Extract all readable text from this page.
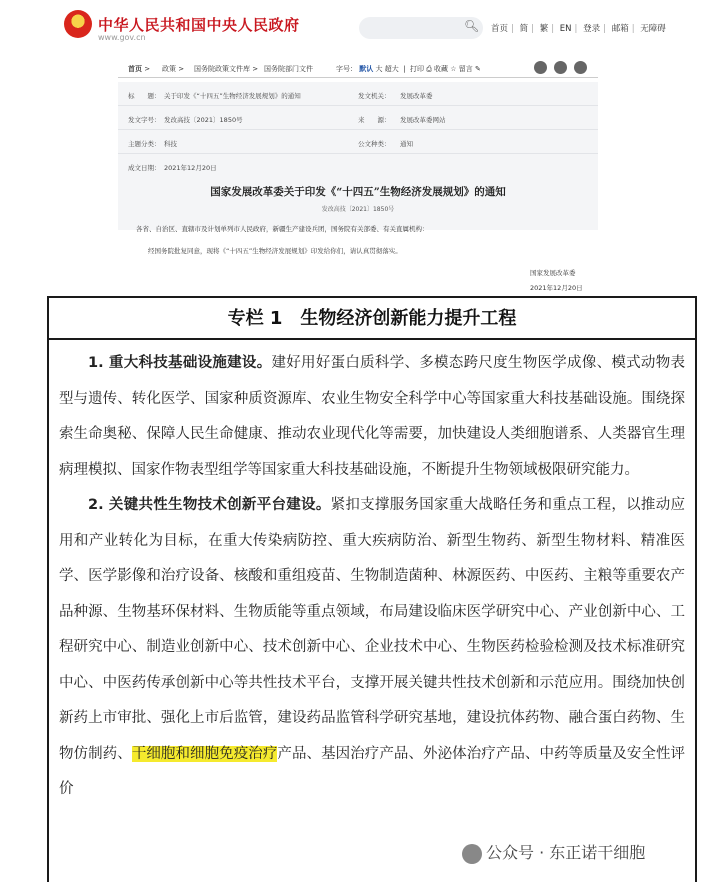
★
中华人民共和国中央人民政府
www.gov.cn
🔍︎ 首页 | 简 | 繁 | EN | 登录 | 邮箱 | 无障碍
首页 > 政策 > 国务院政策文件库 > 国务院部门文件	字号： 默认 大 超大  |  打印 ⎙ 收藏 ☆ 留言 ✎
标　　题： 关于印发《“十四五”生物经济发展规划》的通知	发文机关： 发展改革委
发文字号： 发改高技〔2021〕1850号	来　　源： 发展改革委网站
主题分类： 科技	公文种类： 通知
成文日期： 2021年12月20日
国家发展改革委关于印发《“十四五”生物经济发展规划》的通知
发改高技〔2021〕1850号
各省、自治区、直辖市及计划单列市人民政府，新疆生产建设兵团，国务院有关部委、有关直属机构：
经国务院批复同意，现将《“十四五”生物经济发展规划》印发给你们，请认真贯彻落实。
国家发展改革委
2021年12月20日
专栏 1　生物经济创新能力提升工程

1. 重大科技基础设施建设。建好用好蛋白质科学、多模态跨尺度生物医学成像、模式动物表型与遗传、转化医学、国家种质资源库、农业生物安全科学中心等国家重大科技基础设施。围绕探索生命奥秘、保障人民生命健康、推动农业现代化等需要，加快建设人类细胞谱系、人类器官生理病理模拟、国家作物表型组学等国家重大科技基础设施，不断提升生物领域极限研究能力。

2. 关键共性生物技术创新平台建设。紧扣支撑服务国家重大战略任务和重点工程，以推动应用和产业转化为目标，在重大传染病防控、重大疾病防治、新型生物药、新型生物材料、精准医学、医学影像和治疗设备、核酸和重组疫苗、生物制造菌种、林源医药、中医药、主粮等重要农产品种源、生物基环保材料、生物质能等重点领域，布局建设临床医学研究中心、产业创新中心、工程研究中心、制造业创新中心、技术创新中心、企业技术中心、生物医药检验检测及技术标准研究中心、中医药传承创新中心等共性技术平台，支撑开展关键共性技术创新和示范应用。围绕加快创新药上市审批、强化上市后监管，建设药品监管科学研究基地，建设抗体药物、融合蛋白药物、生物仿制药、干细胞和细胞免疫治疗产品、基因治疗产品、外泌体治疗产品、中药等质量及安全性评价

公众号 · 东正诺干细胞
